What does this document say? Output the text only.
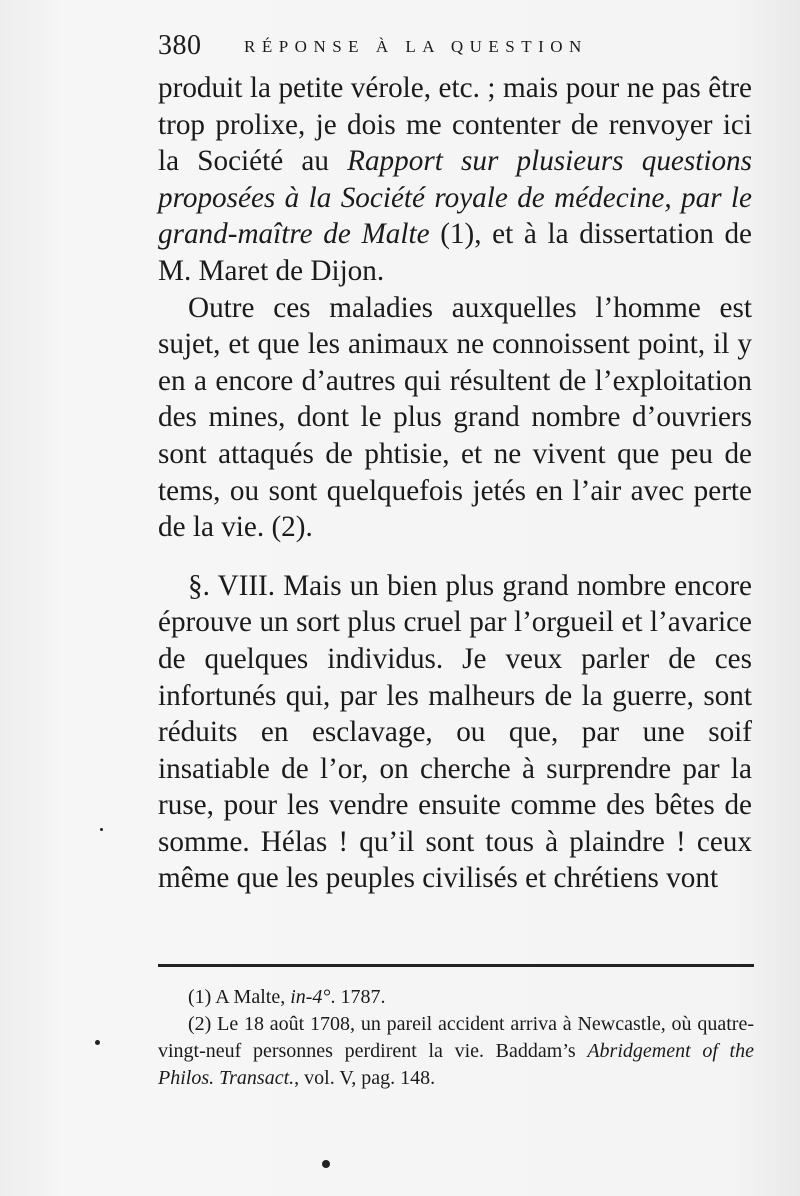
380	RÉPONSE À LA QUESTION

produit la petite vérole, etc. ; mais pour ne pas être trop prolixe, je dois me contenter de renvoyer ici la Société au Rapport sur plusieurs questions proposées à la Société royale de médecine, par le grand-maître de Malte (1), et à la dissertation de M. Maret de Dijon.

Outre ces maladies auxquelles l’homme est sujet, et que les animaux ne connoissent point, il y en a encore d’autres qui résultent de l’exploitation des mines, dont le plus grand nombre d’ouvriers sont attaqués de phtisie, et ne vivent que peu de tems, ou sont quelquefois jetés en l’air avec perte de la vie. (2).

§. VIII. Mais un bien plus grand nombre encore éprouve un sort plus cruel par l’orgueil et l’avarice de quelques individus. Je veux parler de ces infortunés qui, par les malheurs de la guerre, sont réduits en esclavage, ou que, par une soif insatiable de l’or, on cherche à surprendre par la ruse, pour les vendre ensuite comme des bêtes de somme. Hélas ! qu’il sont tous à plaindre ! ceux même que les peuples civilisés et chrétiens vont

(1) A Malte, in-4°. 1787.

(2) Le 18 août 1708, un pareil accident arriva à Newcastle, où quatre-vingt-neuf personnes perdirent la vie. Baddam’s Abridgement of the Philos. Transact., vol. V, pag. 148.
